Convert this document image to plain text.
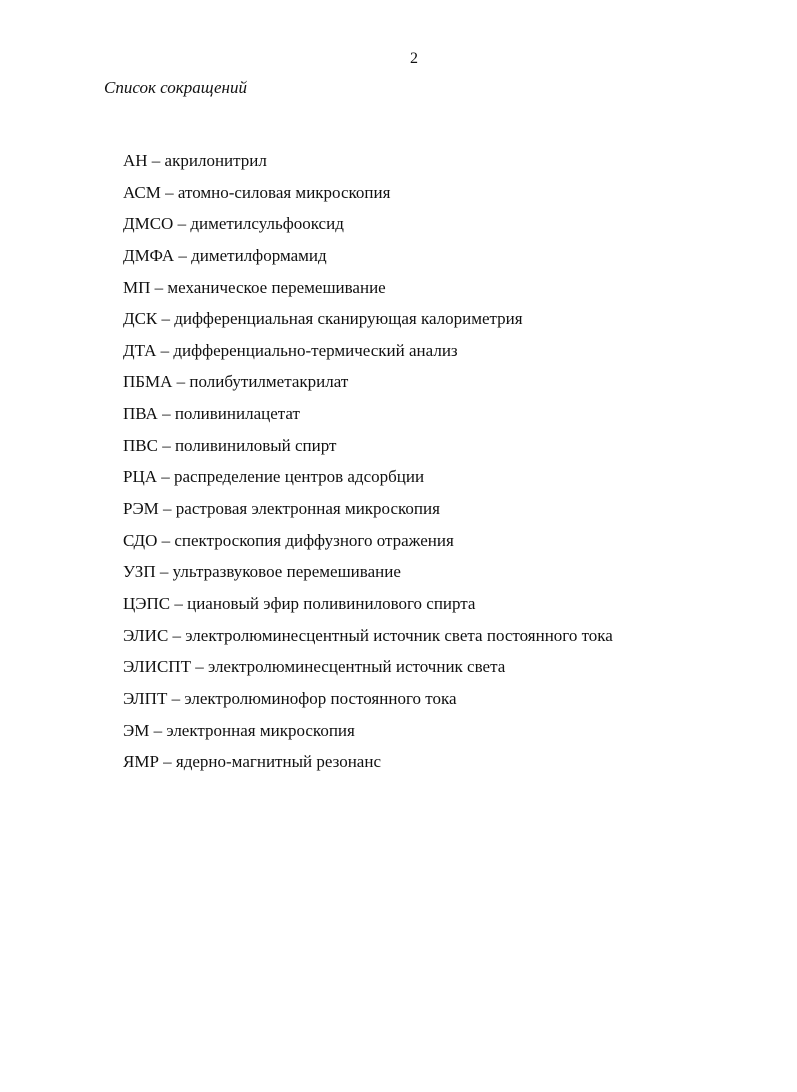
2
Список сокращений
АН – акрилонитрил
АСМ – атомно-силовая микроскопия
ДМСО – диметилсульфооксид
ДМФА – диметилформамид
МП – механическое перемешивание
ДСК – дифференциальная сканирующая калориметрия
ДТА – дифференциально-термический анализ
ПБМА – полибутилметакрилат
ПВА – поливинилацетат
ПВС – поливиниловый спирт
РЦА – распределение центров адсорбции
РЭМ – растровая электронная микроскопия
СДО – спектроскопия диффузного отражения
УЗП – ультразвуковое перемешивание
ЦЭПС – циановый эфир поливинилового спирта
ЭЛИС – электролюминесцентный источник света постоянного тока
ЭЛИСПТ – электролюминесцентный источник света
ЭЛПТ – электролюминофор постоянного тока
ЭМ – электронная микроскопия
ЯМР – ядерно-магнитный резонанс
